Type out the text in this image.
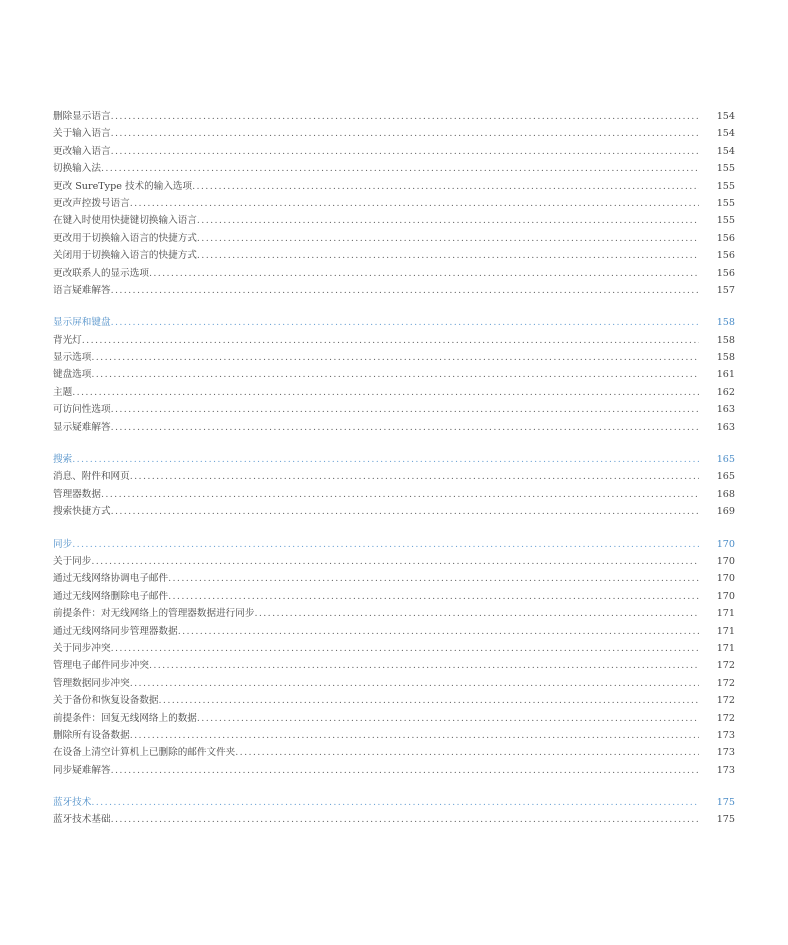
删除显示语言 .....	154
关于输入语言 .....	154
更改输入语言 .....	154
切换输入法 .....	155
更改 SureType 技术的输入选项 .....	155
更改声控拨号语言 .....	155
在键入时使用快捷键切换输入语言 .....	155
更改用于切换输入语言的快捷方式 .....	156
关闭用于切换输入语言的快捷方式 .....	156
更改联系人的显示选项 .....	156
语言疑难解答 .....	157
显示屏和键盘 .....	158
背光灯 .....	158
显示选项 .....	158
键盘选项 .....	161
主题 .....	162
可访问性选项 .....	163
显示疑难解答 .....	163
搜索 .....	165
消息、附件和网页 .....	165
管理器数据 .....	168
搜索快捷方式 .....	169
同步 .....	170
关于同步 .....	170
通过无线网络协调电子邮件 .....	170
通过无线网络删除电子邮件 .....	170
前提条件：对无线网络上的管理器数据进行同步 .....	171
通过无线网络同步管理器数据 .....	171
关于同步冲突 .....	171
管理电子邮件同步冲突 .....	172
管理数据同步冲突 .....	172
关于备份和恢复设备数据 .....	172
前提条件：回复无线网络上的数据 .....	172
删除所有设备数据 .....	173
在设备上清空计算机上已删除的邮件文件夹 .....	173
同步疑难解答 .....	173
蓝牙技术 .....	175
蓝牙技术基础 .....	175
